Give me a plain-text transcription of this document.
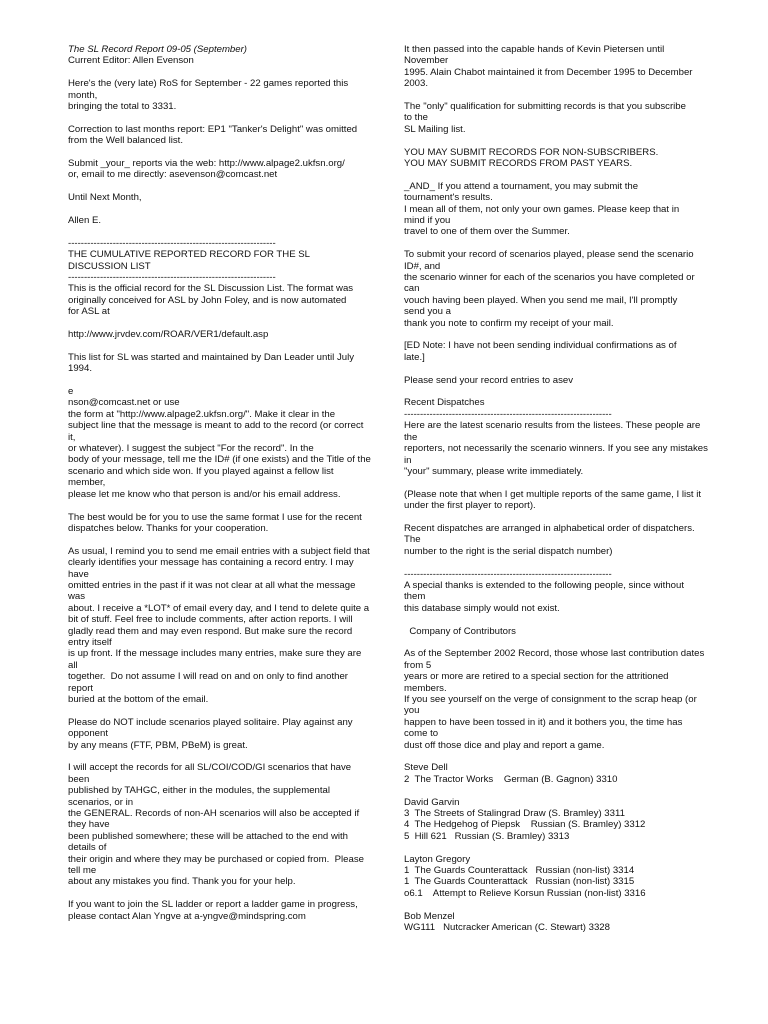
The SL Record Report 09-05 (September)
Current Editor: Allen Evenson
Here's the (very late) RoS for September - 22 games reported this
month,
bringing the total to 3331.
Correction to last months report: EP1 "Tanker's Delight" was omitted
from the Well balanced list.
Submit _your_ reports via the web: http://www.alpage2.ukfsn.org/
or, email to me directly: asevenson@comcast.net
Until Next Month,
Allen E.
-----------------------------------------------------------------
THE CUMULATIVE REPORTED RECORD FOR THE SL
DISCUSSION LIST
-----------------------------------------------------------------
This is the official record for the SL Discussion List. The format was
originally conceived for ASL by John Foley, and is now automated
for ASL at
http://www.jrvdev.com/ROAR/VER1/default.asp
This list for SL was started and maintained by Dan Leader until July
1994.
e
nson@comcast.net or use
the form at "http://www.alpage2.ukfsn.org/". Make it clear in the
subject line that the message is meant to add to the record (or correct
it,
or whatever). I suggest the subject "For the record". In the
body of your message, tell me the ID# (if one exists) and the Title of the
scenario and which side won. If you played against a fellow list
member,
please let me know who that person is and/or his email address.
The best would be for you to use the same format I use for the recent
dispatches below. Thanks for your cooperation.
As usual, I remind you to send me email entries with a subject field that
clearly identifies your message has containing a record entry. I may
have
omitted entries in the past if it was not clear at all what the message
was
about. I receive a *LOT* of email every day, and I tend to delete quite a
bit of stuff. Feel free to include comments, after action reports. I will
gladly read them and may even respond. But make sure the record
entry itself
is up front. If the message includes many entries, make sure they are
all
together.  Do not assume I will read on and on only to find another
report
buried at the bottom of the email.
Please do NOT include scenarios played solitaire. Play against any
opponent
by any means (FTF, PBM, PBeM) is great.
I will accept the records for all SL/COI/COD/GI scenarios that have
been
published by TAHGC, either in the modules, the supplemental
scenarios, or in
the GENERAL. Records of non-AH scenarios will also be accepted if
they have
been published somewhere; these will be attached to the end with
details of
their origin and where they may be purchased or copied from.  Please
tell me
about any mistakes you find. Thank you for your help.
If you want to join the SL ladder or report a ladder game in progress,
please contact Alan Yngve at a-yngve@mindspring.com
It then passed into the capable hands of Kevin Pietersen until
November
1995. Alain Chabot maintained it from December 1995 to December
2003.
The "only" qualification for submitting records is that you subscribe
to the
SL Mailing list.
YOU MAY SUBMIT RECORDS FOR NON-SUBSCRIBERS.
YOU MAY SUBMIT RECORDS FROM PAST YEARS.
_AND_ If you attend a tournament, you may submit the
tournament's results.
I mean all of them, not only your own games. Please keep that in
mind if you
travel to one of them over the Summer.
To submit your record of scenarios played, please send the scenario
ID#, and
the scenario winner for each of the scenarios you have completed or
can
vouch having been played. When you send me mail, I'll promptly
send you a
thank you note to confirm my receipt of your mail.
[ED Note: I have not been sending individual confirmations as of
late.]
Please send your record entries to asev
Recent Dispatches
-----------------------------------------------------------------
Here are the latest scenario results from the listees. These people are
the
reporters, not necessarily the scenario winners. If you see any mistakes
in
"your" summary, please write immediately.
(Please note that when I get multiple reports of the same game, I list it
under the first player to report).
Recent dispatches are arranged in alphabetical order of dispatchers.
The
number to the right is the serial dispatch number)
-----------------------------------------------------------------
A special thanks is extended to the following people, since without
them
this database simply would not exist.
Company of Contributors
As of the September 2002 Record, those whose last contribution dates
from 5
years or more are retired to a special section for the attritioned
members.
If you see yourself on the verge of consignment to the scrap heap (or
you
happen to have been tossed in it) and it bothers you, the time has
come to
dust off those dice and play and report a game.
Steve Dell
2  The Tractor Works    German (B. Gagnon) 3310
David Garvin
3  The Streets of Stalingrad Draw (S. Bramley) 3311
4  The Hedgehog of Piepsk    Russian (S. Bramley) 3312
5  Hill 621   Russian (S. Bramley) 3313
Layton Gregory
1  The Guards Counterattack   Russian (non-list) 3314
1  The Guards Counterattack   Russian (non-list) 3315
o6.1    Attempt to Relieve Korsun Russian (non-list) 3316
Bob Menzel
WG111   Nutcracker American (C. Stewart) 3328
